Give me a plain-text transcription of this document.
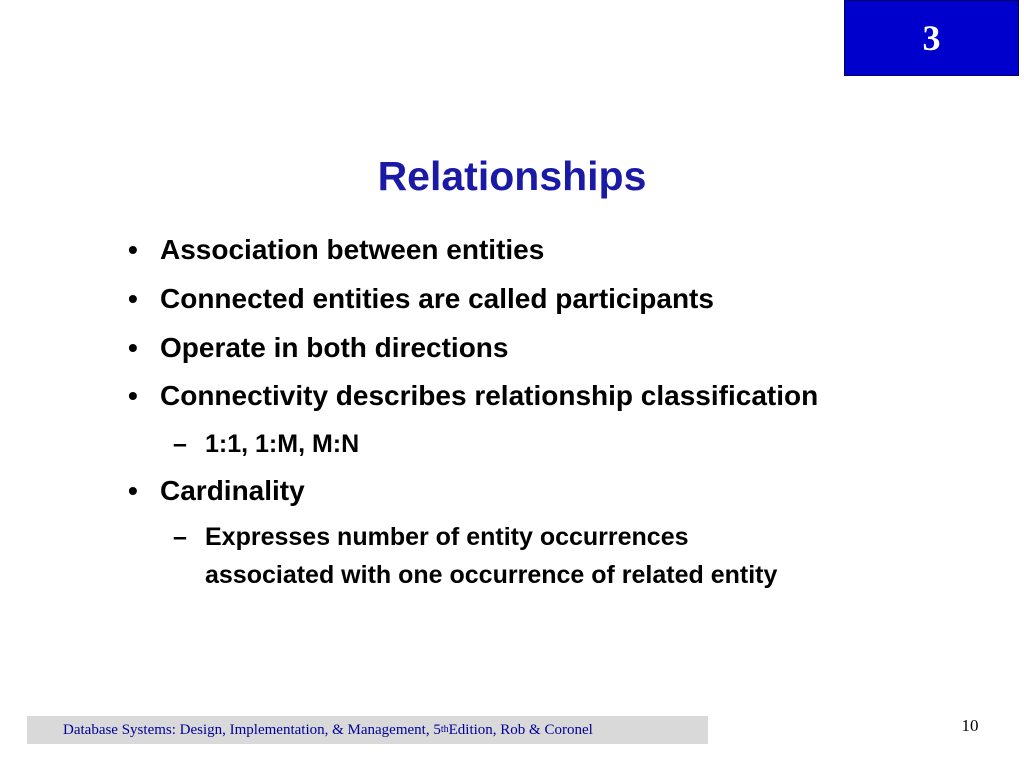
3
Relationships
• Association between entities
• Connected entities are called participants
• Operate in both directions
• Connectivity describes relationship classification
– 1:1, 1:M, M:N
• Cardinality
– Expresses number of entity occurrences
associated with one occurrence of related entity
Database Systems: Design, Implementation, & Management, 5 th Edition, Rob & Coronel	10
